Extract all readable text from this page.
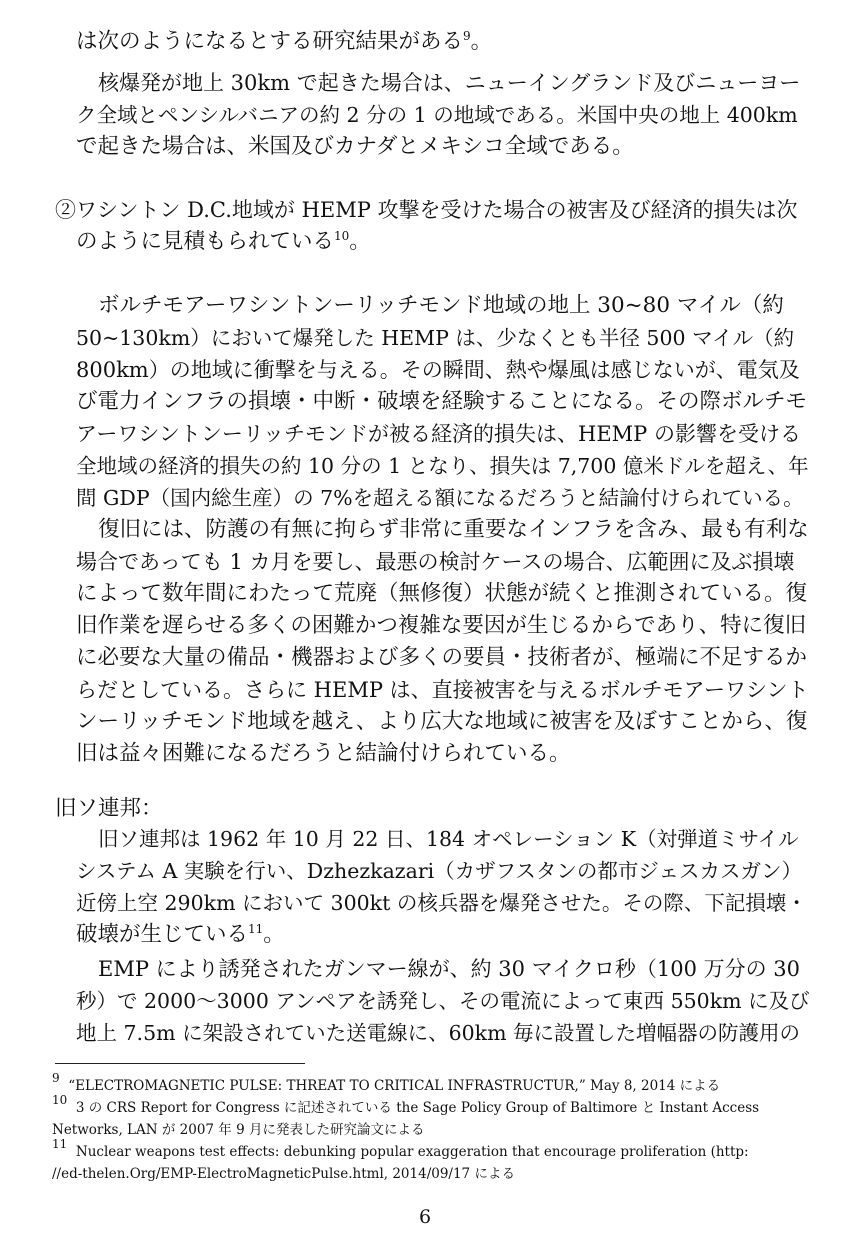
は次のようになるとする研究結果がある$^9$。
核爆発が地上 30km で起きた場合は、ニューイングランド及びニューヨー
ク全域とペンシルバニアの約 2 分の 1 の地域である。米国中央の地上 400km
で起きた場合は、米国及びカナダとメキシコ全域である。
②ワシントン D.C.地域が HEMP 攻撃を受けた場合の被害及び経済的損失は次
のように見積もられている$^{10}$。
ボルチモアーワシントンーリッチモンド地域の地上 30~80 マイル（約
50~130km）において爆発した HEMP は、少なくとも半径 500 マイル（約
800km）の地域に衝撃を与える。その瞬間、熱や爆風は感じないが、電気及
び電力インフラの損壊・中断・破壊を経験することになる。その際ボルチモ
アーワシントンーリッチモンドが被る経済的損失は、HEMP の影響を受ける
全地域の経済的損失の約 10 分の 1 となり、損失は 7,700 億米ドルを超え、年
間 GDP（国内総生産）の 7%を超える額になるだろうと結論付けられている。
復旧には、防護の有無に拘らず非常に重要なインフラを含み、最も有利な
場合であっても 1 カ月を要し、最悪の検討ケースの場合、広範囲に及ぶ損壊
によって数年間にわたって荒廃（無修復）状態が続くと推測されている。復
旧作業を遅らせる多くの困難かつ複雑な要因が生じるからであり、特に復旧
に必要な大量の備品・機器および多くの要員・技術者が、極端に不足するか
らだとしている。さらに HEMP は、直接被害を与えるボルチモアーワシント
ンーリッチモンド地域を越え、より広大な地域に被害を及ぼすことから、復
旧は益々困難になるだろうと結論付けられている。
旧ソ連邦：
旧ソ連邦は 1962 年 10 月 22 日、184 オペレーション K（対弾道ミサイル
システム A 実験を行い、Dzhezkazari（カザフスタンの都市ジェスカスガン）
近傍上空 290km において 300kt の核兵器を爆発させた。その際、下記損壊・
破壊が生じている$^{11}$。
EMP により誘発されたガンマー線が、約 30 マイクロ秒（100 万分の 30
秒）で 2000～3000 アンペアを誘発し、その電流によって東西 550km に及び
地上 7.5m に架設されていた送電線に、60km 毎に設置した増幅器の防護用の
$^9$ “ELECTROMAGNETIC PULSE: THREAT TO CRITICAL INFRASTRUCTUR,” May 8, 2014 による
$^{10}$ 3 の CRS Report for Congress に記述されている the Sage Policy Group of Baltimore と Instant Access
Networks, LAN が 2007 年 9 月に発表した研究論文による
$^{11}$ Nuclear weapons test effects: debunking popular exaggeration that encourage proliferation (http:
//ed-thelen.Org/EMP-ElectroMagneticPulse.html, 2014/09/17 による
6
